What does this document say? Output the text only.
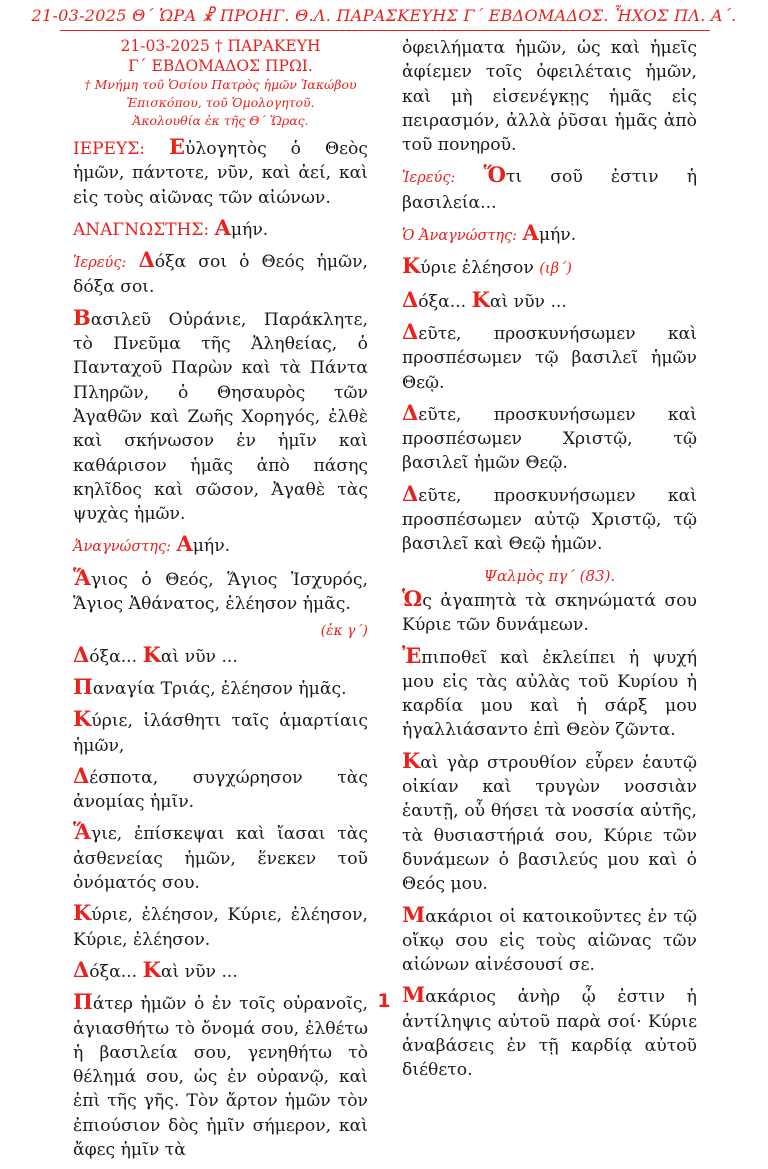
21-03-2025 Θ΄ ὩΡΑ ☧ ΠΡΟΗΓ. Θ.Λ. ΠΑΡΑΣΚΕΥΗΣ Γ΄ ΕΒΔΟΜΑΔΟΣ. ἮΧΟΣ ΠΛ. Α΄.
21-03-2025 † ΠΑΡΑΚΕΥΗ
Γ΄ ΕΒΔΟΜΑΔΟΣ ΠΡΩΙ.
† Μνήμη τοῦ Ὁσίου Πατρὸς ἡμῶν Ἰακώβου
Ἐπισκόπου, τοῦ Ὁμολογητοῦ.
Ἀκολουθία ἐκ τῆς Θ΄ Ὥρας.

ΙΕΡΕΥΣ: Εὐλογητὸς ὁ Θεὸς ἡμῶν, πάντοτε, νῦν, καὶ ἀεί, καὶ εἰς τοὺς αἰῶνας τῶν αἰώνων.

ΑΝΑΓΝΩΣΤΗΣ: Αμήν.

Ἱερεύς: Δόξα σοι ὁ Θεός ἡμῶν, δόξα σοι.

Βασιλεῦ Οὐράνιε, Παράκλητε, τὸ Πνεῦμα τῆς Ἀληθείας, ὁ Πανταχοῦ Παρὼν καὶ τὰ Πάντα Πληρῶν, ὁ Θησαυρὸς τῶν Ἀγαθῶν καὶ Ζωῆς Χορηγός, ἐλθὲ καὶ σκήνωσον ἐν ἡμῖν καὶ καθάρισον ἡμᾶς ἀπὸ πάσης κηλῖδος καὶ σῶσον, Ἀγαθὲ τὰς ψυχὰς ἡμῶν.

Ἀναγνώστης: Αμήν.

Ἅγιος ὁ Θεός, Ἅγιος Ἰσχυρός, Ἅγιος Ἀθάνατος, ἐλέησον ἡμᾶς.

(ἐκ γ΄)

Δόξα... Καὶ νῦν ...

Παναγία Τριάς, ἐλέησον ἡμᾶς.

Κύριε, ἱλάσθητι ταῖς ἁμαρτίαις ἡμῶν,

Δέσποτα, συγχώρησον τὰς ἀνομίας ἡμῖν.

Ἅγιε, ἐπίσκεψαι καὶ ἴασαι τὰς ἀσθενείας ἡμῶν, ἕνεκεν τοῦ ὀνόματός σου.

Κύριε, ἐλέησον, Κύριε, ἐλέησον, Κύριε, ἐλέησον.

Δόξα... Καὶ νῦν ...

Πάτερ ἡμῶν ὁ ἐν τοῖς οὐρανοῖς, ἁγιασθήτω τὸ ὄνομά σου, ἐλθέτω ἡ βασιλεία σου, γενηθήτω τὸ θέλημά σου, ὡς ἐν οὐρανῷ, καὶ ἐπὶ τῆς γῆς. Τὸν ἄρτον ἡμῶν τὸν ἐπιούσιον δὸς ἡμῖν σήμερον, καὶ ἄφες ἡμῖν τὰ

ὀφειλήματα ἡμῶν, ὡς καὶ ἡμεῖς ἀφίεμεν τοῖς ὀφειλέταις ἡμῶν, καὶ μὴ εἰσενέγκῃς ἡμᾶς εἰς πειρασμόν, ἀλλὰ ῥῦσαι ἡμᾶς ἀπὸ τοῦ πονηροῦ.

Ἱερεύς: Ὅτι σοῦ ἐστιν ἡ βασιλεία...

Ὁ Ἀναγνώστης: Αμήν.

Κύριε ἐλέησον (ιβ΄)

Δόξα... Καὶ νῦν ...

Δεῦτε, προσκυνήσωμεν καὶ προσπέσωμεν τῷ βασιλεῖ ἡμῶν Θεῷ.

Δεῦτε, προσκυνήσωμεν καὶ προσπέσωμεν Χριστῷ, τῷ βασιλεῖ ἡμῶν Θεῷ.

Δεῦτε, προσκυνήσωμεν καὶ προσπέσωμεν αὐτῷ Χριστῷ, τῷ βασιλεῖ καὶ Θεῷ ἡμῶν.

Ψαλμὸς πγ΄ (83).

Ὡς ἀγαπητὰ τὰ σκηνώματά σου Κύριε τῶν δυνάμεων.

Ἐπιποθεῖ καὶ ἐκλείπει ἡ ψυχή μου εἰς τὰς αὐλὰς τοῦ Κυρίου ἡ καρδία μου καὶ ἡ σάρξ μου ἠγαλλιάσαντο ἐπὶ Θεὸν ζῶντα.

Καὶ γὰρ στρουθίον εὗρεν ἑαυτῷ οἰκίαν καὶ τρυγὼν νοσσιὰν ἑαυτῇ, οὗ θήσει τὰ νοσσία αὐτῆς, τὰ θυσιαστήριά σου, Κύριε τῶν δυνάμεων ὁ βασιλεύς μου καὶ ὁ Θεός μου.

Μακάριοι οἱ κατοικοῦντες ἐν τῷ οἴκῳ σου εἰς τοὺς αἰῶνας τῶν αἰώνων αἰνέσουσί σε.

Μακάριος ἀνὴρ ᾧ ἐστιν ἡ ἀντίληψις αὐτοῦ παρὰ σοί· Κύριε ἀναβάσεις ἐν τῇ καρδίᾳ αὐτοῦ διέθετο.

1
